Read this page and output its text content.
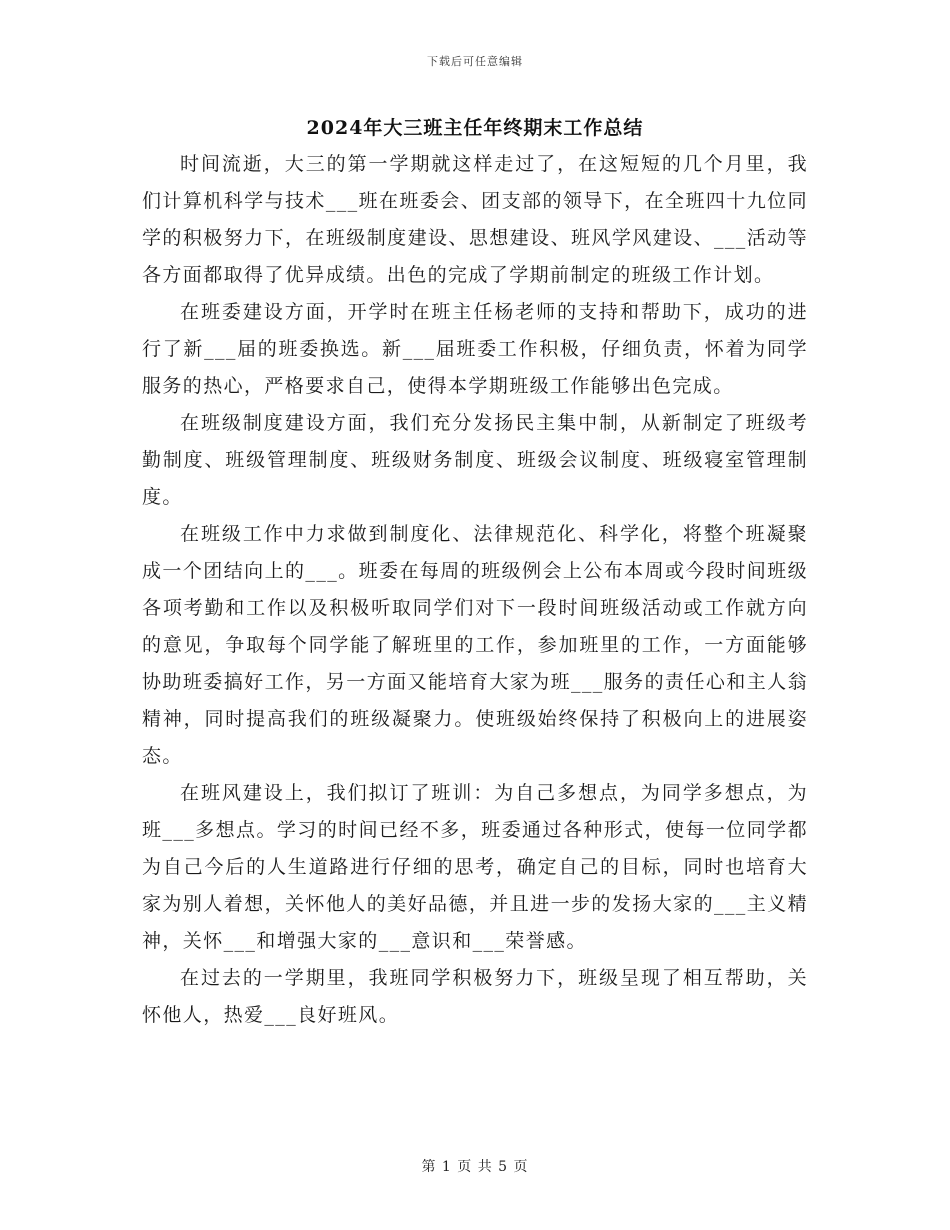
下载后可任意编辑
2024年大三班主任年终期末工作总结

时间流逝，大三的第一学期就这样走过了，在这短短的几个月里，我们计算机科学与技术___班在班委会、团支部的领导下，在全班四十九位同学的积极努力下，在班级制度建设、思想建设、班风学风建设、___活动等各方面都取得了优异成绩。出色的完成了学期前制定的班级工作计划。

在班委建设方面，开学时在班主任杨老师的支持和帮助下，成功的进行了新___届的班委换选。新___届班委工作积极，仔细负责，怀着为同学服务的热心，严格要求自己，使得本学期班级工作能够出色完成。

在班级制度建设方面，我们充分发扬民主集中制，从新制定了班级考勤制度、班级管理制度、班级财务制度、班级会议制度、班级寝室管理制度。

在班级工作中力求做到制度化、法律规范化、科学化，将整个班凝聚成一个团结向上的___。班委在每周的班级例会上公布本周或今段时间班级各项考勤和工作以及积极听取同学们对下一段时间班级活动或工作就方向的意见，争取每个同学能了解班里的工作，参加班里的工作，一方面能够协助班委搞好工作，另一方面又能培育大家为班___服务的责任心和主人翁精神，同时提高我们的班级凝聚力。使班级始终保持了积极向上的进展姿态。

在班风建设上，我们拟订了班训：为自己多想点，为同学多想点，为班___多想点。学习的时间已经不多，班委通过各种形式，使每一位同学都为自己今后的人生道路进行仔细的思考，确定自己的目标，同时也培育大家为别人着想，关怀他人的美好品德，并且进一步的发扬大家的___主义精神，关怀___和增强大家的___意识和___荣誉感。

在过去的一学期里，我班同学积极努力下，班级呈现了相互帮助，关怀他人，热爱___良好班风。

第 1 页 共 5 页
